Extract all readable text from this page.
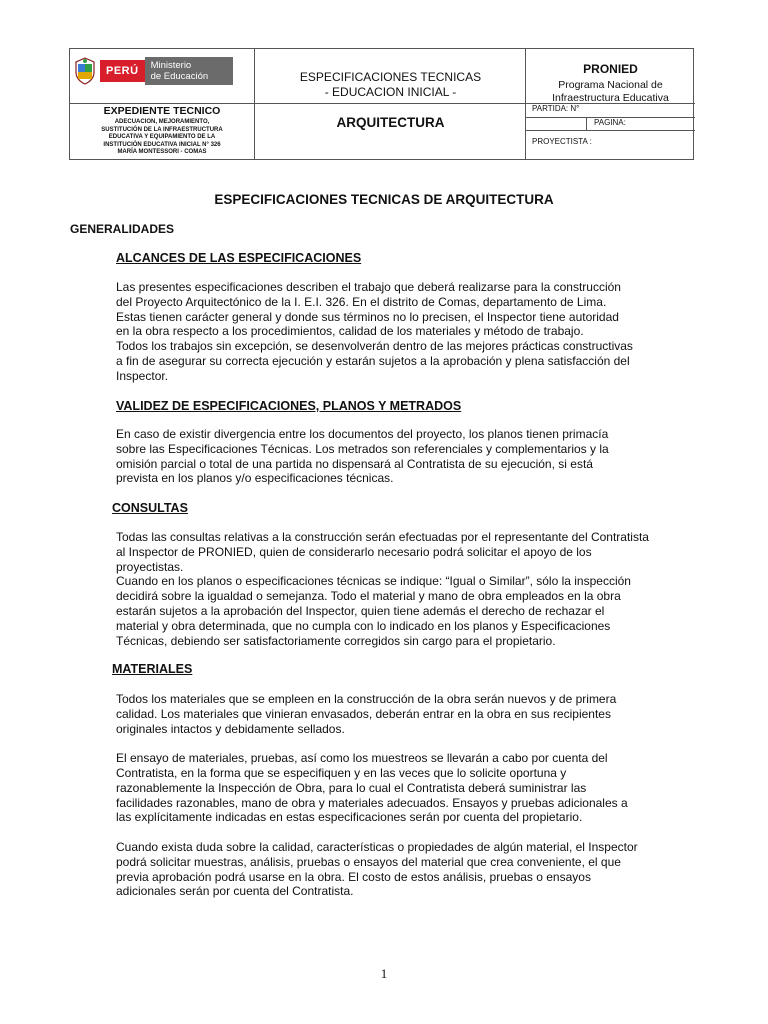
PERÚ	Ministerio
de Educación	ESPECIFICACIONES TECNICAS
- EDUCACION INICIAL -
ARQUITECTURA
PRONIED
Programa Nacional de
Infraestructura Educativa
EXPEDIENTE TECNICO
ADECUACION, MEJORAMIENTO,
SUSTITUCIÓN DE LA INFRAESTRUCTURA
EDUCATIVA Y EQUIPAMIENTO DE LA
INSTITUCIÓN EDUCATIVA INICIAL N° 326
MARÍA MONTESSORI - COMAS
PARTIDA: N°
PAGINA:
PROYECTISTA :
ESPECIFICACIONES TECNICAS DE ARQUITECTURA
GENERALIDADES
ALCANCES DE LAS ESPECIFICACIONES

Las presentes especificaciones describen el trabajo que deberá realizarse para la construcción

del Proyecto Arquitectónico de la I. E.I. 326. En el distrito de Comas, departamento de Lima.

Estas tienen carácter general y donde sus términos no lo precisen, el Inspector tiene autoridad

en la obra respecto a los procedimientos, calidad de los materiales y método de trabajo.

Todos los trabajos sin excepción, se desenvolverán dentro de las mejores prácticas constructivas

a fin de asegurar su correcta ejecución y estarán sujetos a la aprobación y plena satisfacción del

Inspector.

VALIDEZ DE ESPECIFICACIONES, PLANOS Y METRADOS

En caso de existir divergencia entre los documentos del proyecto, los planos tienen primacía

sobre las Especificaciones Técnicas. Los metrados son referenciales y complementarios y la

omisión parcial o total de una partida no dispensará al Contratista de su ejecución, si está

prevista en los planos y/o especificaciones técnicas.

CONSULTAS

Todas las consultas relativas a la construcción serán efectuadas por el representante del Contratista

al Inspector de PRONIED, quien de considerarlo necesario podrá solicitar el apoyo de los

proyectistas.

Cuando en los planos o especificaciones técnicas se indique: “Igual o Similar”, sólo la inspección

decidirá sobre la igualdad o semejanza. Todo el material y mano de obra empleados en la obra

estarán sujetos a la aprobación del Inspector, quien tiene además el derecho de rechazar el

material y obra determinada, que no cumpla con lo indicado en los planos y Especificaciones

Técnicas, debiendo ser satisfactoriamente corregidos sin cargo para el propietario.

MATERIALES

Todos los materiales que se empleen en la construcción de la obra serán nuevos y de primera

calidad. Los materiales que vinieran envasados, deberán entrar en la obra en sus recipientes

originales intactos y debidamente sellados.

El ensayo de materiales, pruebas, así como los muestreos se llevarán a cabo por cuenta del

Contratista, en la forma que se especifiquen y en las veces que lo solicite oportuna y

razonablemente la Inspección de Obra, para lo cual el Contratista deberá suministrar las

facilidades razonables, mano de obra y materiales adecuados. Ensayos y pruebas adicionales a

las explícitamente indicadas en estas especificaciones serán por cuenta del propietario.

Cuando exista duda sobre la calidad, características o propiedades de algún material, el Inspector

podrá solicitar muestras, análisis, pruebas o ensayos del material que crea conveniente, el que

previa aprobación podrá usarse en la obra. El costo de estos análisis, pruebas o ensayos

adicionales serán por cuenta del Contratista.

1
